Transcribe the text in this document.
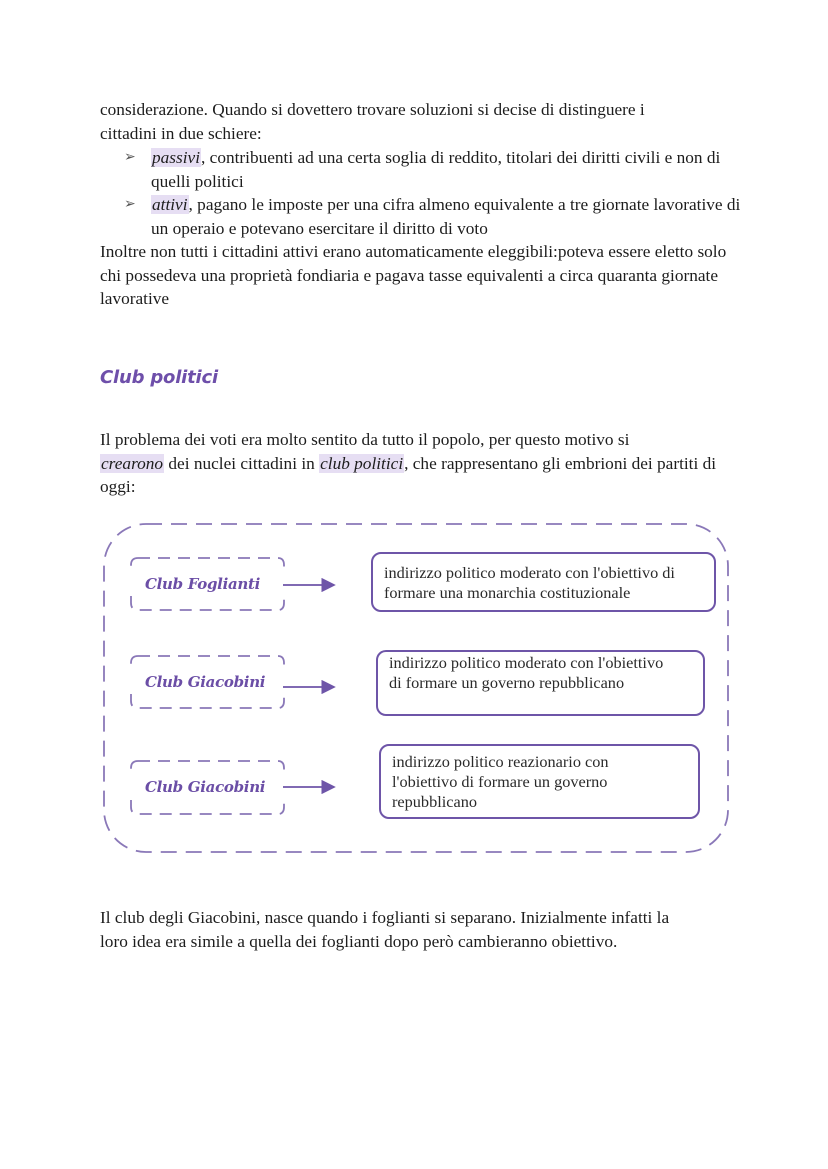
considerazione. Quando si dovettero trovare soluzioni si decise di distinguere i
cittadini in due schiere:

➢ passivi, contribuenti ad una certa soglia di reddito, titolari dei diritti civili e non di quelli politici
➢ attivi, pagano le imposte per una cifra almeno equivalente a tre giornate lavorative di un operaio e potevano esercitare il diritto di voto

Inoltre non tutti i cittadini attivi erano automaticamente eleggibili:poteva essere eletto solo chi possedeva una proprietà fondiaria e pagava tasse equivalenti a circa quaranta giornate lavorative

Club politici

Il problema dei voti era molto sentito da tutto il popolo, per questo motivo si
crearono dei nuclei cittadini in club politici, che rappresentano gli embrioni dei partiti di oggi:

Club Foglianti
indirizzo politico moderato con l'obiettivo di formare una monarchia costituzionale
Club Giacobini
indirizzo politico moderato con l'obiettivo di formare un governo repubblicano
Club Giacobini
indirizzo politico reazionario con l'obiettivo di formare un governo repubblicano

Il club degli Giacobini, nasce quando i foglianti si separano. Inizialmente infatti la loro idea era simile a quella dei foglianti dopo però cambieranno obiettivo.
